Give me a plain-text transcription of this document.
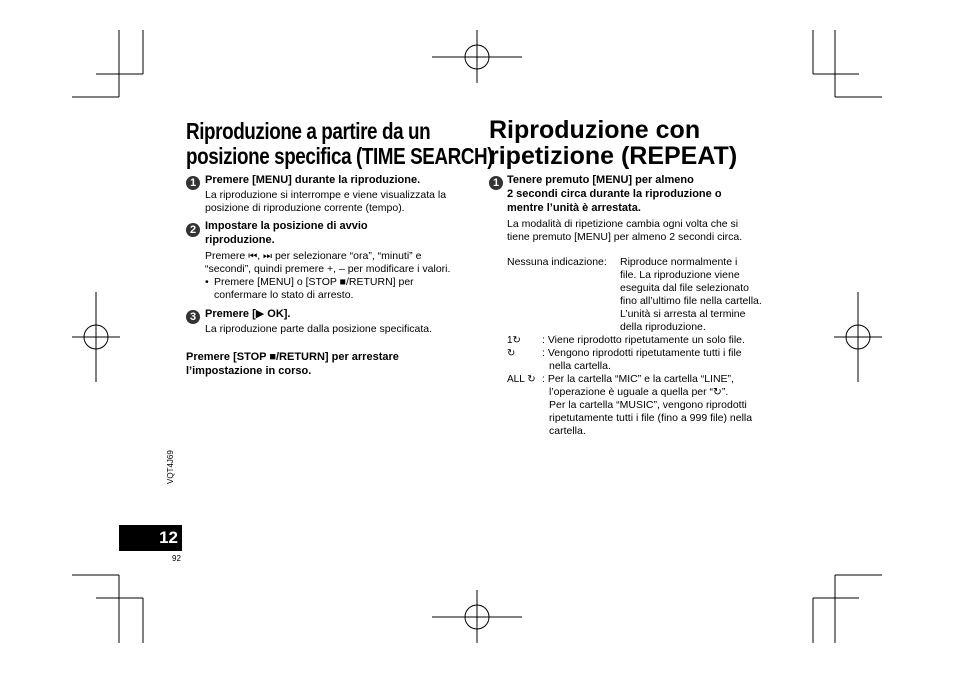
Riproduzione a partire da un
posizione specifica (TIME SEARCH)
1 Premere [MENU] durante la riproduzione.
La riproduzione si interrompe e viene visualizzata la
posizione di riproduzione corrente (tempo).
2 Impostare la posizione di avvio
riproduzione.
Premere ⏮, ⏭ per selezionare “ora”, “minuti” e
“secondi”, quindi premere +, – per modificare i valori.
• Premere [MENU] o [STOP ■/RETURN] per
confermare lo stato di arresto.
3 Premere [▶ OK].
La riproduzione parte dalla posizione specificata.
Premere [STOP ■/RETURN] per arrestare
l’impostazione in corso.
Riproduzione con
ripetizione (REPEAT)
1 Tenere premuto [MENU] per almeno
2 secondi circa durante la riproduzione o
mentre l’unità è arrestata.
La modalità di ripetizione cambia ogni volta che si
tiene premuto [MENU] per almeno 2 secondi circa.
Nessuna indicazione: Riproduce normalmente i
file. La riproduzione viene
eseguita dal file selezionato
fino all’ultimo file nella cartella.
L’unità si arresta al termine
della riproduzione.
1↻ : Viene riprodotto ripetutamente un solo file.
↻	: Vengono riprodotti ripetutamente tutti i file
nella cartella.
ALL ↻ : Per la cartella “MIC” e la cartella “LINE”,
l’operazione è uguale a quella per “↻”.
Per la cartella “MUSIC”, vengono riprodotti
ripetutamente tutti i file (fino a 999 file) nella
cartella.
VQT4J69
12
92
